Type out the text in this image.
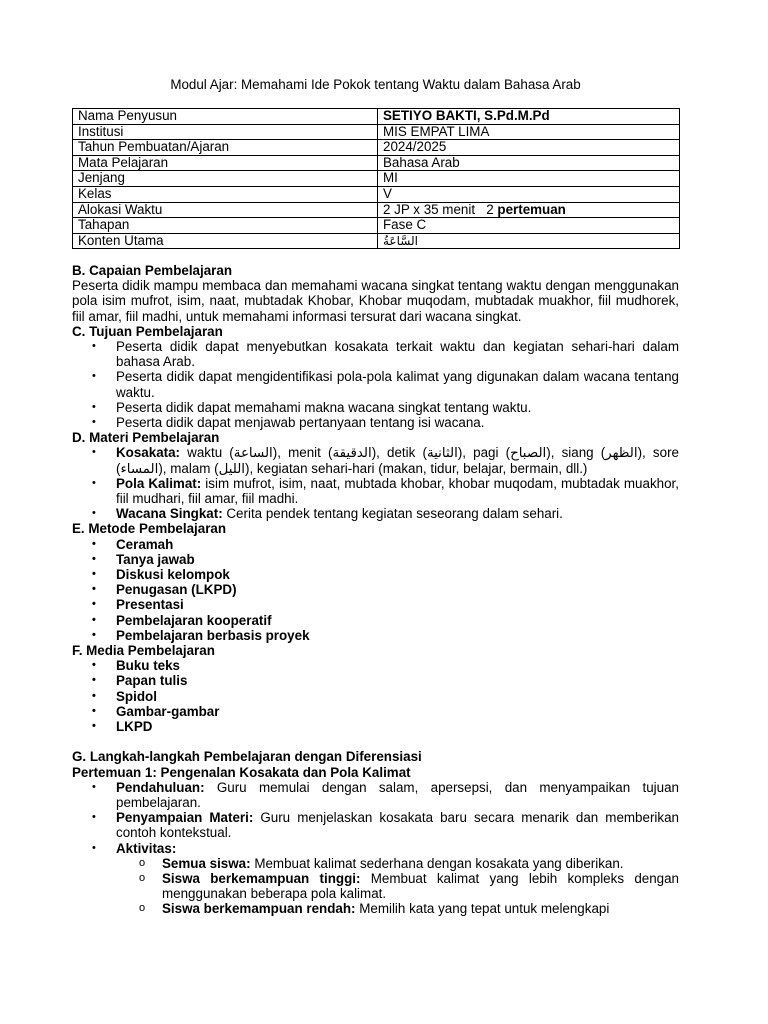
Modul Ajar: Memahami Ide Pokok tentang Waktu dalam Bahasa Arab
Nama Penyusun	SETIYO BAKTI, S.Pd.M.Pd
Institusi	MIS EMPAT LIMA
Tahun Pembuatan/Ajaran	2024/2025
Mata Pelajaran	Bahasa Arab
Jenjang	MI
Kelas	V
Alokasi Waktu	2 JP x 35 menit   2 pertemuan
Tahapan	Fase C
Konten Utama	السَّاعَةُ
B. Capaian Pembelajaran

Peserta didik mampu membaca dan memahami wacana singkat tentang waktu dengan menggunakan pola isim mufrot, isim, naat, mubtadak Khobar, Khobar muqodam, mubtadak muakhor, fiil mudhorek, fiil amar, fiil madhi, untuk memahami informasi tersurat dari wacana singkat.

C. Tujuan Pembelajaran
• Peserta didik dapat menyebutkan kosakata terkait waktu dan kegiatan sehari-hari dalam bahasa Arab.
• Peserta didik dapat mengidentifikasi pola-pola kalimat yang digunakan dalam wacana tentang waktu.
• Peserta didik dapat memahami makna wacana singkat tentang waktu.
• Peserta didik dapat menjawab pertanyaan tentang isi wacana.
D. Materi Pembelajaran
• Kosakata: waktu (الساعة), menit (الدقيقة), detik (الثانية), pagi (الصباح), siang (الظهر), sore (المساء), malam (الليل), kegiatan sehari-hari (makan, tidur, belajar, bermain, dll.)
• Pola Kalimat: isim mufrot, isim, naat, mubtada khobar, khobar muqodam, mubtadak muakhor, fiil mudhari, fiil amar, fiil madhi.
• Wacana Singkat: Cerita pendek tentang kegiatan seseorang dalam sehari.
E. Metode Pembelajaran
• Ceramah
• Tanya jawab
• Diskusi kelompok
• Penugasan (LKPD)
• Presentasi
• Pembelajaran kooperatif
• Pembelajaran berbasis proyek
F. Media Pembelajaran
• Buku teks
• Papan tulis
• Spidol
• Gambar-gambar
• LKPD
G. Langkah-langkah Pembelajaran dengan Diferensiasi
Pertemuan 1: Pengenalan Kosakata dan Pola Kalimat
• Pendahuluan: Guru memulai dengan salam, apersepsi, dan menyampaikan tujuan pembelajaran.
• Penyampaian Materi: Guru menjelaskan kosakata baru secara menarik dan memberikan contoh kontekstual.
• Aktivitas:
o Semua siswa: Membuat kalimat sederhana dengan kosakata yang diberikan.
o Siswa berkemampuan tinggi: Membuat kalimat yang lebih kompleks dengan menggunakan beberapa pola kalimat.
o Siswa berkemampuan rendah: Memilih kata yang tepat untuk melengkapi
